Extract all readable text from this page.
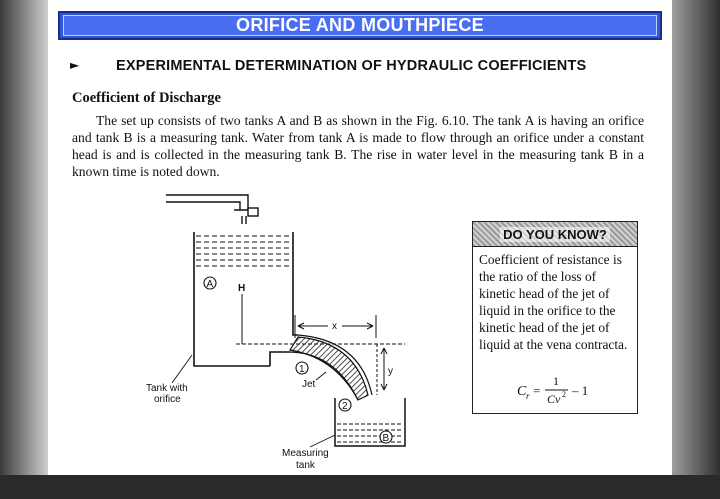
ORIFICE AND MOUTHPIECE
►	EXPERIMENTAL DETERMINATION OF HYDRAULIC COEFFICIENTS
Coefficient of Discharge
The set up consists of two tanks A and B as shown in the Fig. 6.10. The tank A is having an orifice and tank B is a measuring tank. Water from tank A is made to flow through an orifice under a constant head is and is collected in the measuring tank B. The rise in water level in the measuring tank B in a known time is noted down.
A H
x
y
1
2
Jet
Tank with
orifice
B
Measuring
tank
DO YOU KNOW?
Coefficient of resistance is the ratio of the loss of kinetic head of the jet of liquid in the orifice to the kinetic head of the jet of liquid at the vena contracta.
C r =
1
Cv 2 – 1
